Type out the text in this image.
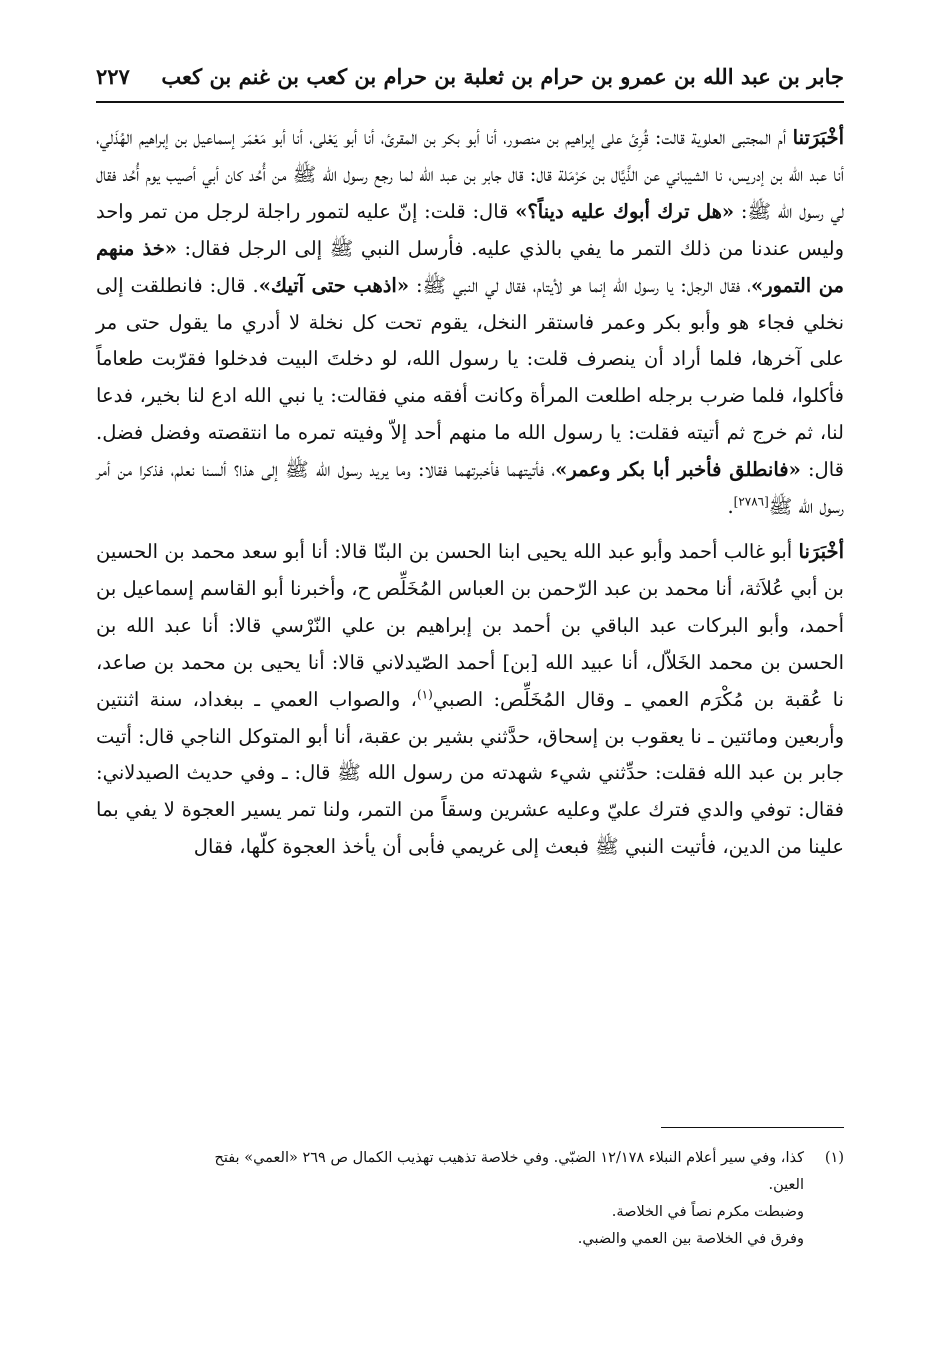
جابر بن عبد الله بن عمرو بن حرام بن ثعلبة بن حرام بن كعب بن غنم بن كعب
٢٢٧

أخْبَرَتنا أم المجتبى العلوية قالت: قُرِئ على إبراهيم بن منصور، أنا أبو بكر بن المقرئ، أنا أبو يَعْلى، أنا أبو مَعْمَر إسماعيل بن إبراهيم الهُذَلي، أنا عبد الله بن إدريس، نا الشيباني عن الذَّيَّال بن حَرْمَلة قال: قال جابر بن عبد الله لما رجع رسول الله ﷺ من أُحُد كان أبي أصيب يوم أُحُد فقال لي رسول الله ﷺ: «هل ترك أبوك عليه ديناً؟» قال: قلت: إنّ عليه لتمور راجلة لرجل من تمر واحد وليس عندنا من ذلك التمر ما يفي بالذي عليه. فأرسل النبي ﷺ إلى الرجل فقال: «خذ منهم من التمور»، فقال الرجل: يا رسول الله إنما هو لأيتام، فقال لي النبي ﷺ: «اذهب حتى آتيك». قال: فانطلقت إلى نخلي فجاء هو وأبو بكر وعمر فاستقر النخل، يقوم تحت كل نخلة لا أدري ما يقول حتى مر على آخرها، فلما أراد أن ينصرف قلت: يا رسول الله، لو دخلتَ البيت فدخلوا فقرّبت طعاماً فأكلوا، فلما ضرب برجله اطلعت المرأة وكانت أفقه مني فقالت: يا نبي الله ادع لنا بخير، فدعا لنا، ثم خرج ثم أتيته فقلت: يا رسول الله ما منهم أحد إلاّ وفيته تمره ما انتقصته وفضل فضل. قال: «فانطلق فأخبر أبا بكر وعمر»، فأتيتهما فأخبرتهما فقالا: وما يريد رسول الله ﷺ إلى هذا؟ ألسنا نعلم، فذكرا من أمر رسول الله ﷺ[٢٧٨٦].

أخْبَرَنا أبو غالب أحمد وأبو عبد الله يحيى ابنا الحسن بن البنّا قالا: أنا أبو سعد محمد بن الحسين بن أبي عُلاَثة، أنا محمد بن عبد الرّحمن بن العباس المُخَلِّص ح، وأخبرنا أبو القاسم إسماعيل بن أحمد، وأبو البركات عبد الباقي بن أحمد بن إبراهيم بن علي النّرْسي قالا: أنا عبد الله بن الحسن بن محمد الخَلاّل، أنا عبيد الله [بن] أحمد الصّيدلاني قالا: أنا يحيى بن محمد بن صاعد، نا عُقبة بن مُكْرَم العمي ـ وقال المُخَلِّص: الصبي$^{(١)}$، والصواب العمي ـ ببغداد، سنة اثنتين وأربعين ومائتين ـ نا يعقوب بن إسحاق، حدَّثني بشير بن عقبة، أنا أبو المتوكل الناجي قال: أتيت جابر بن عبد الله فقلت: حدِّثني شيء شهدته من رسول الله ﷺ قال: ـ وفي حديث الصيدلاني: فقال: توفي والدي فترك عليّ وعليه عشرين وسقاً من التمر، ولنا تمر يسير العجوة لا يفي بما علينا من الدين، فأتيت النبي ﷺ فبعث إلى غريمي فأبى أن يأخذ العجوة كلّها، فقال

(١)كذا، وفي سير أعلام النبلاء ١٢/١٧٨ الضبّي. وفي خلاصة تذهيب تهذيب الكمال ص ٢٦٩ «العمي» بفتح

العين.

وضبطت مكرم نصاً في الخلاصة.

وفرق في الخلاصة بين العمي والضبي.
